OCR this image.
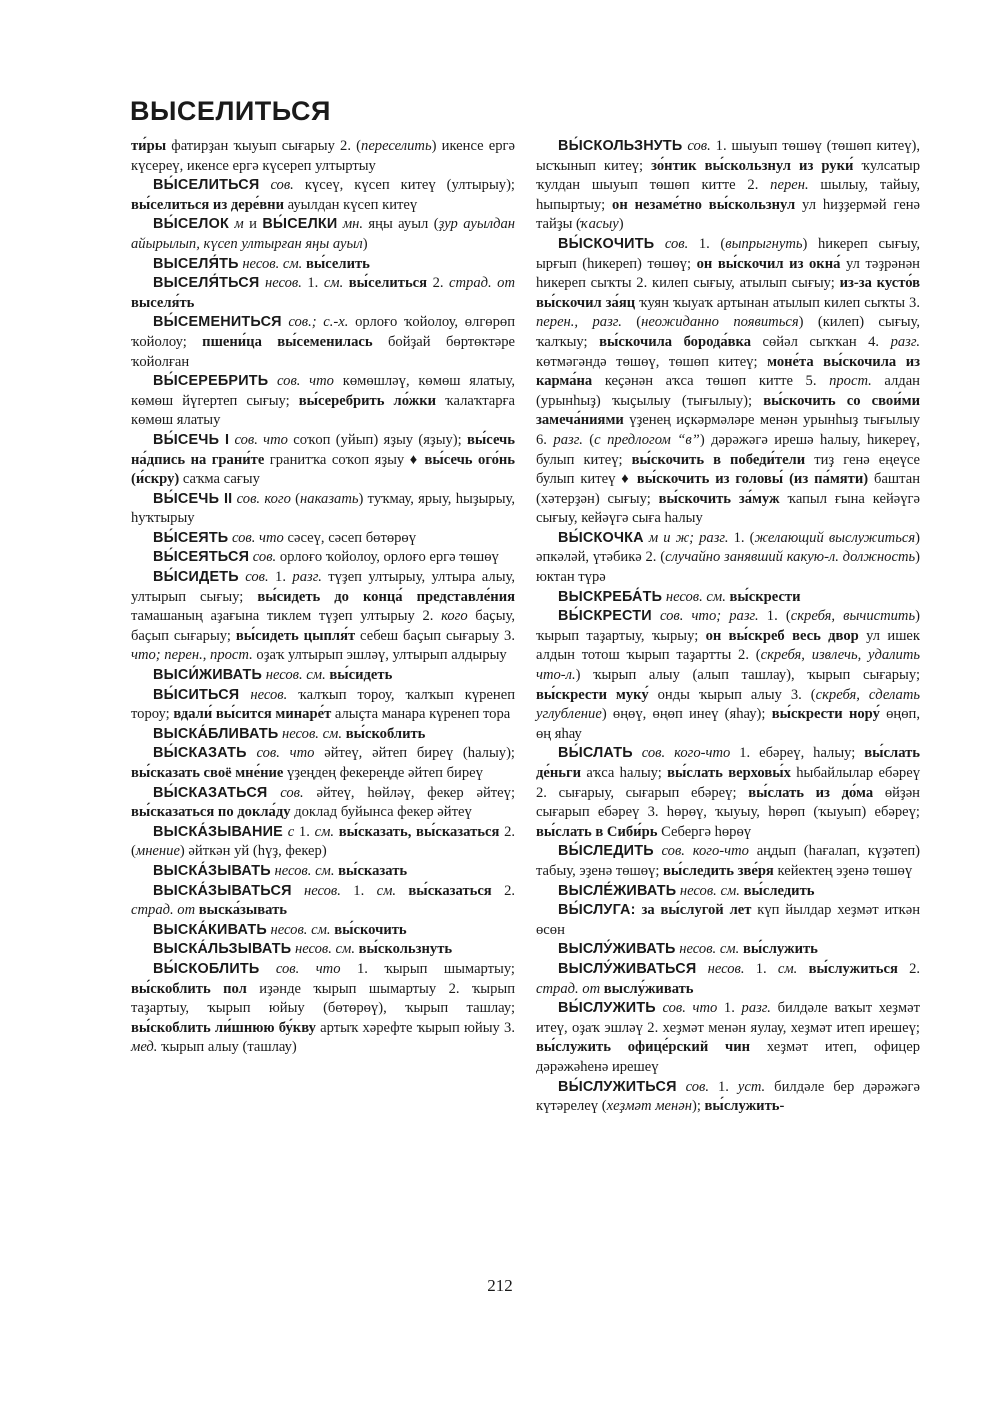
ВЫСЕЛИТЬСЯ

ти́ры фатирҙан ҡыуып сығарыу 2. (переселить) икенсе ергә күсереү, икенсе ергә күсереп ултыртыу

ВЫ́СЕЛИТЬСЯ сов. күсеү, күсеп китеү (ултырыу); вы́селиться из дере́вни ауылдан күсеп китеү

ВЫ́СЕЛОК м и ВЫ́СЕЛКИ мн. яңы ауыл (ҙур ауылдан айырылып, күсеп ултырған яңы ауыл)

ВЫСЕЛЯ́ТЬ несов. см. вы́селить

ВЫСЕЛЯ́ТЬСЯ несов. 1. см. вы́селиться 2. страд. от выселя́ть

ВЫ́СЕМЕНИТЬСЯ сов.; с.-х. орлоғо ҡойолоу, өлгөрөп ҡойолоу; пшени́ца вы́семенилась бойҙай бөртөктәре ҡойолған

ВЫ́СЕРЕБРИТЬ сов. что көмөшләү, көмөш ялатыу, көмөш йүгертеп сығыу; вы́серебрить ло́жки ҡалаҡтарға көмөш ялатыу

ВЫ́СЕЧЬ I сов. что соҡоп (уйып) яҙыу (яҙыу); вы́сечь на́дпись на грани́те гранитҡа соҡоп яҙыу ♦ вы́сечь ого́нь (и́скру) саҡма сағыу

ВЫ́СЕЧЬ II сов. кого (наказать) туҡмау, ярыу, һыҙырыу, һуҡтырыу

ВЫ́СЕЯТЬ сов. что сәсеү, сәсеп бөтөрөү

ВЫ́СЕЯТЬСЯ сов. орлоғо ҡойолоу, орлоғо ергә төшөү

ВЫ́СИДЕТЬ сов. 1. разг. түҙеп ултырыу, ултыра алыу, ултырып сығыу; вы́сидеть до конца́ представле́ния тамашаның аҙағына тиклем түҙеп ултырыу 2. кого баҫыу, баҫып сығарыу; вы́сидеть цыпля́т себеш баҫып сығарыу 3. что; перен., прост. оҙаҡ ултырып эшләү, ултырып алдырыу

ВЫСИ́ЖИВАТЬ несов. см. вы́сидеть

ВЫ́СИТЬСЯ несов. ҡалҡып тороу, ҡалҡып күренеп тороу; вдали́ вы́сится минаре́т алыҫта манара күренеп тора

ВЫСКА́БЛИВАТЬ несов. см. вы́скоблить

ВЫ́СКАЗАТЬ сов. что әйтеү, әйтеп биреү (һалыу); вы́сказать своё мне́ние үҙеңдең фекереңде әйтеп биреү

ВЫ́СКАЗАТЬСЯ сов. әйтеү, һөйләү, фекер әйтеү; вы́сказаться по докла́ду доклад буйынса фекер әйтеү

ВЫСКА́ЗЫВАНИЕ с 1. см. вы́сказать, вы́сказаться 2. (мнение) әйткән уй (һүҙ, фекер)

ВЫСКА́ЗЫВАТЬ несов. см. вы́сказать

ВЫСКА́ЗЫВАТЬСЯ несов. 1. см. вы́сказаться 2. страд. от выска́зывать

ВЫСКА́КИВАТЬ несов. см. вы́скочить

ВЫСКА́ЛЬЗЫВАТЬ несов. см. вы́скользнуть

ВЫ́СКОБЛИТЬ сов. что 1. ҡырып шымартыу; вы́скоблить пол иҙәнде ҡырып шымартыу 2. ҡырып таҙартыу, ҡырып юйыу (бөтөрөү), ҡырып ташлау; вы́скоблить ли́шнюю бу́кву артыҡ хәрефте ҡырып юйыу 3. мед. ҡырып алыу (ташлау)

ВЫ́СКОЛЬЗНУТЬ сов. 1. шыуып төшөү (төшөп китеү), ысҡынып китеү; зо́нтик вы́скользнул из руки́ ҡулсатыр ҡулдан шыуып төшөп китте 2. перен. шылыу, тайыу, һыпыртыу; он незаме́тно вы́скользнул ул һиҙҙермәй генә тайҙы (ҡасыу)

ВЫ́СКОЧИТЬ сов. 1. (выпрыгнуть) һикереп сығыу, ырғып (һикереп) төшөү; он вы́скочил из окна́ ул тәҙрәнән һикереп сыҡты 2. килеп сығыу, атылып сығыу; из-за кусто́в вы́скочил за́яц ҡуян ҡыуаҡ артынан атылып килеп сыҡты 3. перен., разг. (неожиданно появиться) (килеп) сығыу, ҡалҡыу; вы́скочила борода́вка сөйәл сыҡҡан 4. разг. көтмәгәндә төшөү, төшөп китеү; моне́та вы́скочила из карма́на кеҫәнән аҡса төшөп китте 5. прост. алдан (урынһыҙ) ҡыҫылыу (тығылыу); вы́скочить со свои́ми замеча́ниями үҙенең иҫкәрмәләре менән урынһыҙ тығылыу 6. разг. (с предлогом “в”) дәрәжәгә ирешә һалыу, һикереү, булып китеү; вы́скочить в победи́тели тиҙ генә еңеүсе булып китеү ♦ вы́скочить из головы́ (из па́мяти) баштан (хәтерҙән) сығыу; вы́скочить за́муж ҡапыл ғына кейәүгә сығыу, кейәүгә сыға һалыу

ВЫ́СКОЧКА м и ж; разг. 1. (желающий выслужиться) әпкәләй, үтәбикә 2. (случайно занявший какую-л. должность) юктан түрә

ВЫСКРЕБА́ТЬ несов. см. вы́скрести

ВЫ́СКРЕСТИ сов. что; разг. 1. (скребя, вычистить) ҡырып таҙартыу, ҡырыу; он вы́скреб весь двор ул ишек алдын тотош ҡырып таҙартты 2. (скребя, извлечь, удалить что-л.) ҡырып алыу (алып ташлау), ҡырып сығарыу; вы́скрести муку́ онды ҡырып алыу 3. (скребя, сделать углубление) өңөү, өңөп инеү (яһау); вы́скрести нору́ өңөп, өң яһау

ВЫ́СЛАТЬ сов. кого-что 1. ебәреү, һалыу; вы́слать де́ньги аҡса һалыу; вы́слать верховы́х һыбайлылар ебәреү 2. сығарыу, сығарып ебәреү; вы́слать из до́ма өйҙән сығарып ебәреү 3. һөрөү, ҡыуыу, һөрөп (ҡыуып) ебәреү; вы́слать в Сиби́рь Себергә һөрөү

ВЫ́СЛЕДИТЬ сов. кого-что аңдып (һағалап, күҙәтеп) табыу, эҙенә төшөү; вы́следить зве́ря кейектең эҙенә төшөү

ВЫСЛЕ́ЖИВАТЬ несов. см. вы́следить

ВЫ́СЛУГА: за вы́слугой лет күп йылдар хеҙмәт иткән өсөн

ВЫСЛУ́ЖИВАТЬ несов. см. вы́служить

ВЫСЛУ́ЖИВАТЬСЯ несов. 1. см. вы́служиться 2. страд. от выслу́живать

ВЫ́СЛУЖИТЬ сов. что 1. разг. билдәле ваҡыт хеҙмәт итеү, оҙаҡ эшләү 2. хеҙмәт менән яулау, хеҙмәт итеп ирешеү; вы́служить офице́рский чин хеҙмәт итеп, офицер дәрәжәһенә ирешеү

ВЫ́СЛУЖИТЬСЯ сов. 1. уст. билдәле бер дәрәжәгә күтәрелеү (хеҙмәт менән); вы́служить-

212
